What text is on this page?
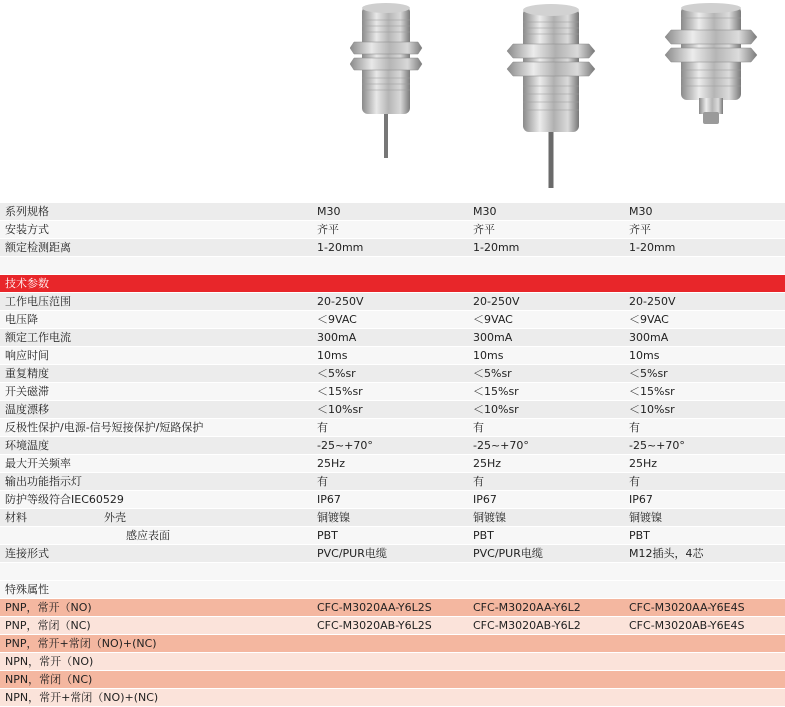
系列规格	M30	M30	M30
安装方式	齐平	齐平	齐平
额定检测距离	1-20mm	1-20mm	1-20mm
技术参数
工作电压范围	20-250V	20-250V	20-250V
电压降	＜9VAC	＜9VAC	＜9VAC
额定工作电流	300mA	300mA	300mA
响应时间	10ms	10ms	10ms
重复精度	＜5%sr	＜5%sr	＜5%sr
开关磁滞	＜15%sr	＜15%sr	＜15%sr
温度漂移	＜10%sr	＜10%sr	＜10%sr
反极性保护/电源-信号短接保护/短路保护	有	有	有
环境温度	-25~+70°	-25~+70°	-25~+70°
最大开关频率	25Hz	25Hz	25Hz
输出功能指示灯	有	有	有
防护等级符合IEC60529	IP67	IP67	IP67
材料　　　　　　　外壳	铜镀镍	铜镀镍	铜镀镍
　　　　　　　　　　　感应表面	PBT	PBT	PBT
连接形式	PVC/PUR电缆	PVC/PUR电缆	M12插头，4芯
特殊属性
PNP，常开（NO)	CFC-M3020AA-Y6L2S	CFC-M3020AA-Y6L2	CFC-M3020AA-Y6E4S
PNP，常闭（NC)	CFC-M3020AB-Y6L2S	CFC-M3020AB-Y6L2	CFC-M3020AB-Y6E4S
PNP，常开+常闭（NO)+(NC)
NPN，常开（NO)
NPN，常闭（NC)
NPN，常开+常闭（NO)+(NC)
